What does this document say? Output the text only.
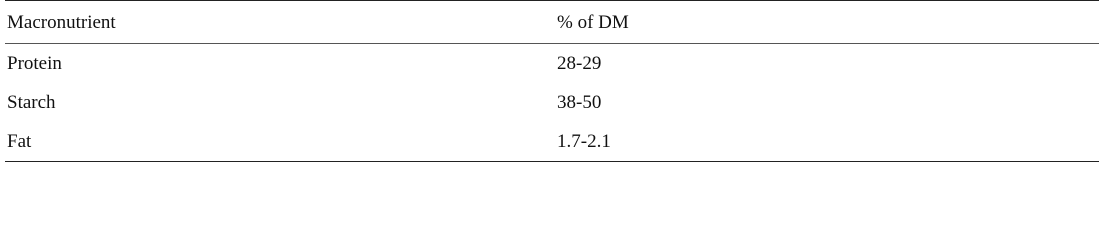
Macronutrient	% of DM
Protein	28-29
Starch	38-50
Fat	1.7-2.1
